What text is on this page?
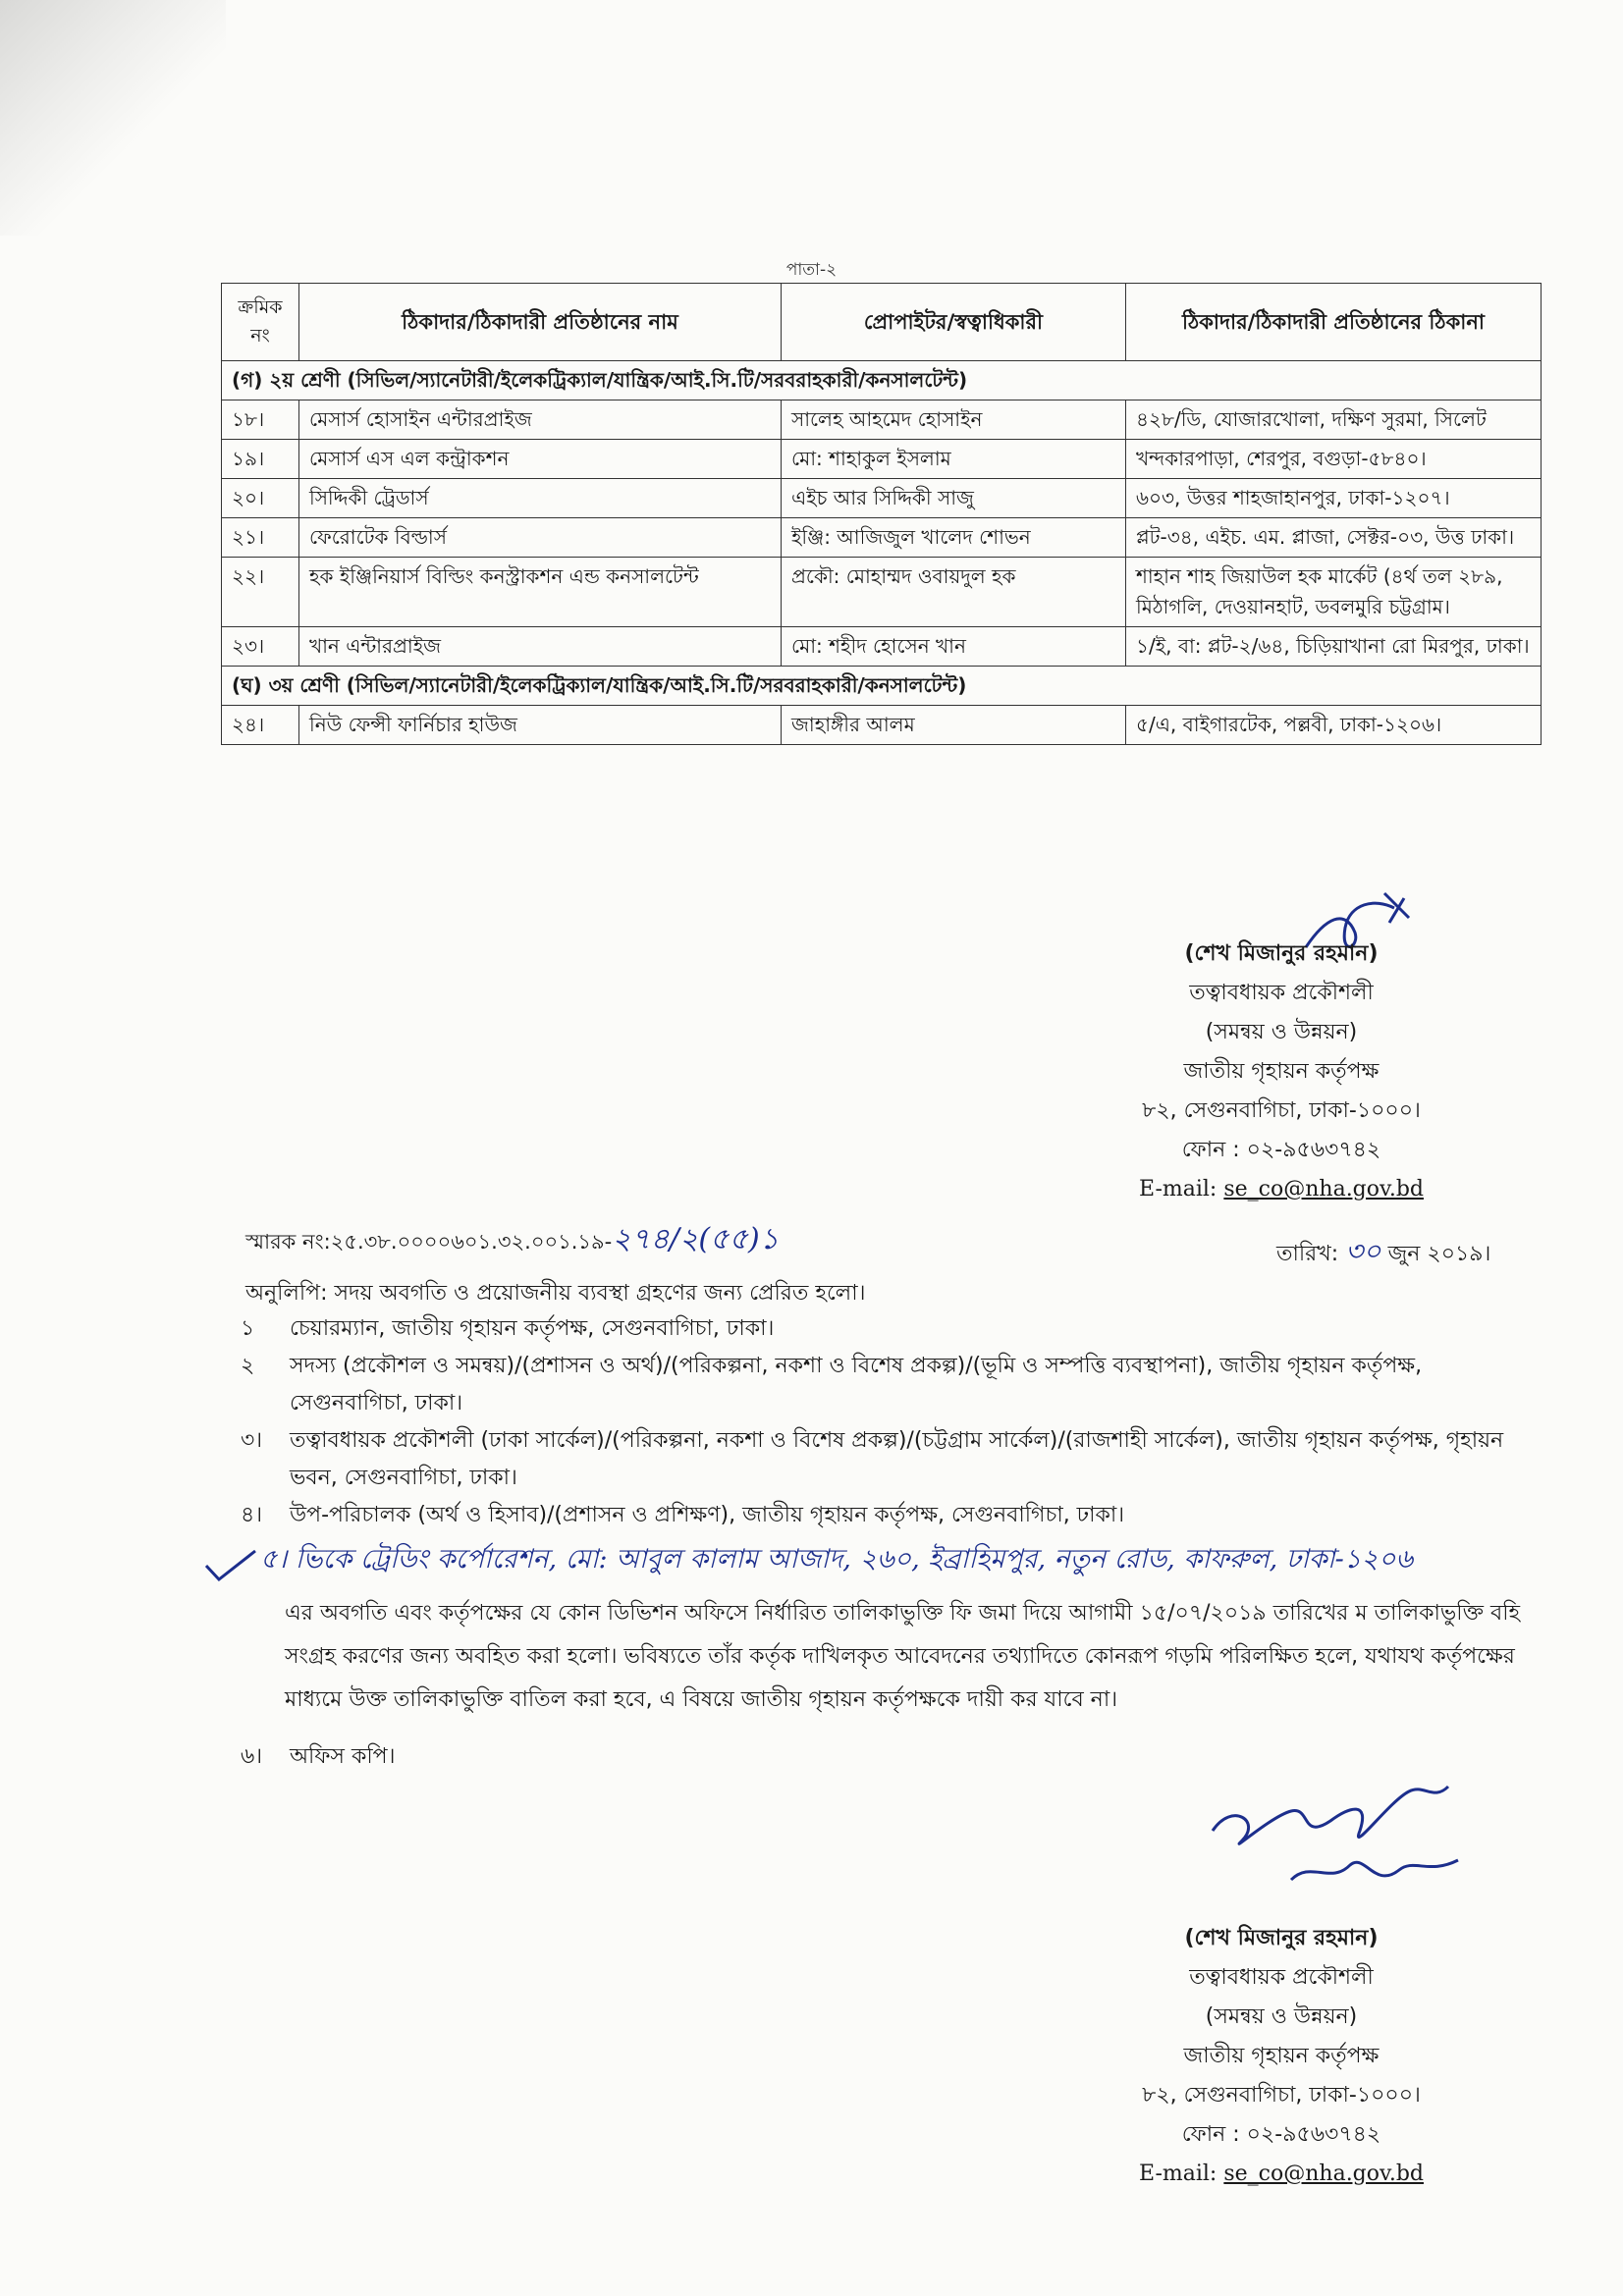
পাতা-২
ক্রমিক নং	ঠিকাদার/ঠিকাদারী প্রতিষ্ঠানের নাম	প্রোপাইটর/স্বত্বাধিকারী	ঠিকাদার/ঠিকাদারী প্রতিষ্ঠানের ঠিকানা
(গ) ২য় শ্রেণী (সিভিল/স্যানেটারী/ইলেকট্রিক্যাল/যান্ত্রিক/আই.সি.টি/সরবরাহকারী/কনসালটেন্ট)			
১৮।	মেসার্স হোসাইন এন্টারপ্রাইজ	সালেহ আহমেদ হোসাইন	৪২৮/ডি, যোজারখোলা, দক্ষিণ সুরমা, সিলেট
১৯।	মেসার্স এস এল কন্ট্রাকশন	মো: শাহাকুল ইসলাম	খন্দকারপাড়া, শেরপুর, বগুড়া-৫৮৪০।
২০।	সিদ্দিকী ট্রেডার্স	এইচ আর সিদ্দিকী সাজু	৬০৩, উত্তর শাহজাহানপুর, ঢাকা-১২০৭।
২১।	ফেরোটেক বিল্ডার্স	ইঞ্জি: আজিজুল খালেদ শোভন	প্লট-৩৪, এইচ. এম. প্লাজা, সেক্টর-০৩, উত্ত ঢাকা।
২২।	হক ইঞ্জিনিয়ার্স বিল্ডিং কনস্ট্রাকশন এন্ড কনসালটেন্ট	প্রকৌ: মোহাম্মদ ওবায়দুল হক	শাহান শাহ জিয়াউল হক মার্কেট (৪র্থ তল ২৮৯, মিঠাগলি, দেওয়ানহাট, ডবলমুরি চট্টগ্রাম।
২৩।	খান এন্টারপ্রাইজ	মো: শহীদ হোসেন খান	১/ই, বা: প্লট-২/৬৪, চিড়িয়াখানা রো মিরপুর, ঢাকা।
(ঘ) ৩য় শ্রেণী (সিভিল/স্যানেটারী/ইলেকট্রিক্যাল/যান্ত্রিক/আই.সি.টি/সরবরাহকারী/কনসালটেন্ট)			
২৪।	নিউ ফেন্সী ফার্নিচার হাউজ	জাহাঙ্গীর আলম	৫/এ, বাইগারটেক, পল্লবী, ঢাকা-১২০৬।
(শেখ মিজানুর রহমান)
তত্বাবধায়ক প্রকৌশলী
(সমন্বয় ও উন্নয়ন)
জাতীয় গৃহায়ন কর্তৃপক্ষ
৮২, সেগুনবাগিচা, ঢাকা-১০০০।
ফোন : ০২-৯৫৬৩৭৪২
E-mail: se_co@nha.gov.bd
স্মারক নং:২৫.৩৮.০০০০৬০১.৩২.০০১.১৯-২৭৪/২(৫৫)১	তারিখ: ৩০ জুন ২০১৯।
অনুলিপি: সদয় অবগতি ও প্রয়োজনীয় ব্যবস্থা গ্রহণের জন্য প্রেরিত হলো।
১	চেয়ারম্যান, জাতীয় গৃহায়ন কর্তৃপক্ষ, সেগুনবাগিচা, ঢাকা।
২	সদস্য (প্রকৌশল ও সমন্বয়)/(প্রশাসন ও অর্থ)/(পরিকল্পনা, নকশা ও বিশেষ প্রকল্প)/(ভূমি ও সম্পত্তি ব্যবস্থাপনা), জাতীয় গৃহায়ন কর্তৃপক্ষ, সেগুনবাগিচা, ঢাকা।
৩।	তত্বাবধায়ক প্রকৌশলী (ঢাকা সার্কেল)/(পরিকল্পনা, নকশা ও বিশেষ প্রকল্প)/(চট্টগ্রাম সার্কেল)/(রাজশাহী সার্কেল), জাতীয় গৃহায়ন কর্তৃপক্ষ, গৃহায়ন ভবন, সেগুনবাগিচা, ঢাকা।
৪।	উপ-পরিচালক (অর্থ ও হিসাব)/(প্রশাসন ও প্রশিক্ষণ), জাতীয় গৃহায়ন কর্তৃপক্ষ, সেগুনবাগিচা, ঢাকা।
৫। ভিকে ট্রেডিং কর্পোরেশন, মো: আবুল কালাম আজাদ, ২৬০, ইব্রাহিমপুর, নতুন রোড, কাফরুল, ঢাকা-১২০৬
এর অবগতি এবং কর্তৃপক্ষের যে কোন ডিভিশন অফিসে নির্ধারিত তালিকাভুক্তি ফি জমা দিয়ে আগামী ১৫/০৭/২০১৯ তারিখের ম তালিকাভুক্তি বহি সংগ্রহ করণের জন্য অবহিত করা হলো। ভবিষ্যতে তাঁর কর্তৃক দাখিলকৃত আবেদনের তথ্যাদিতে কোনরূপ গড়মি পরিলক্ষিত হলে, যথাযথ কর্তৃপক্ষের মাধ্যমে উক্ত তালিকাভুক্তি বাতিল করা হবে, এ বিষয়ে জাতীয় গৃহায়ন কর্তৃপক্ষকে দায়ী কর যাবে না।
৬। অফিস কপি।
(শেখ মিজানুর রহমান)
তত্বাবধায়ক প্রকৌশলী
(সমন্বয় ও উন্নয়ন)
জাতীয় গৃহায়ন কর্তৃপক্ষ
৮২, সেগুনবাগিচা, ঢাকা-১০০০।
ফোন : ০২-৯৫৬৩৭৪২
E-mail: se_co@nha.gov.bd
